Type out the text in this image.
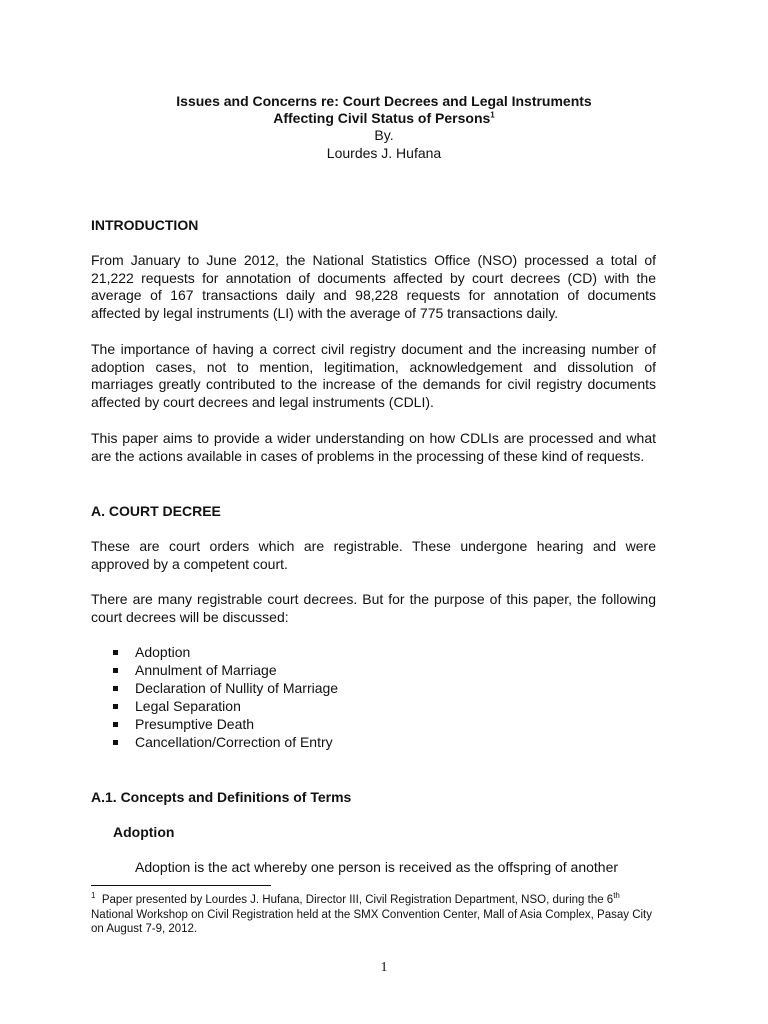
Issues and Concerns re: Court Decrees and Legal Instruments
Affecting Civil Status of Persons$^1$
By.
Lourdes J. Hufana

INTRODUCTION

From January to June 2012, the National Statistics Office (NSO) processed a total of 21,222 requests for annotation of documents affected by court decrees (CD) with the average of 167 transactions daily and 98,228 requests for annotation of documents affected by legal instruments (LI) with the average of 775 transactions daily.

The importance of having a correct civil registry document and the increasing number of adoption cases, not to mention, legitimation, acknowledgement and dissolution of marriages greatly contributed to the increase of the demands for civil registry documents affected by court decrees and legal instruments (CDLI).

This paper aims to provide a wider understanding on how CDLIs are processed and what are the actions available in cases of problems in the processing of these kind of requests.

A. COURT DECREE

These are court orders which are registrable. These undergone hearing and were approved by a competent court.

There are many registrable court decrees. But for the purpose of this paper, the following court decrees will be discussed:

Adoption
Annulment of Marriage
Declaration of Nullity of Marriage
Legal Separation
Presumptive Death
Cancellation/Correction of Entry

A.1. Concepts and Definitions of Terms

Adoption

Adoption is the act whereby one person is received as the offspring of another

$^1$ Paper presented by Lourdes J. Hufana, Director III, Civil Registration Department, NSO, during the 6th National Workshop on Civil Registration held at the SMX Convention Center, Mall of Asia Complex, Pasay City on August 7-9, 2012.

1
